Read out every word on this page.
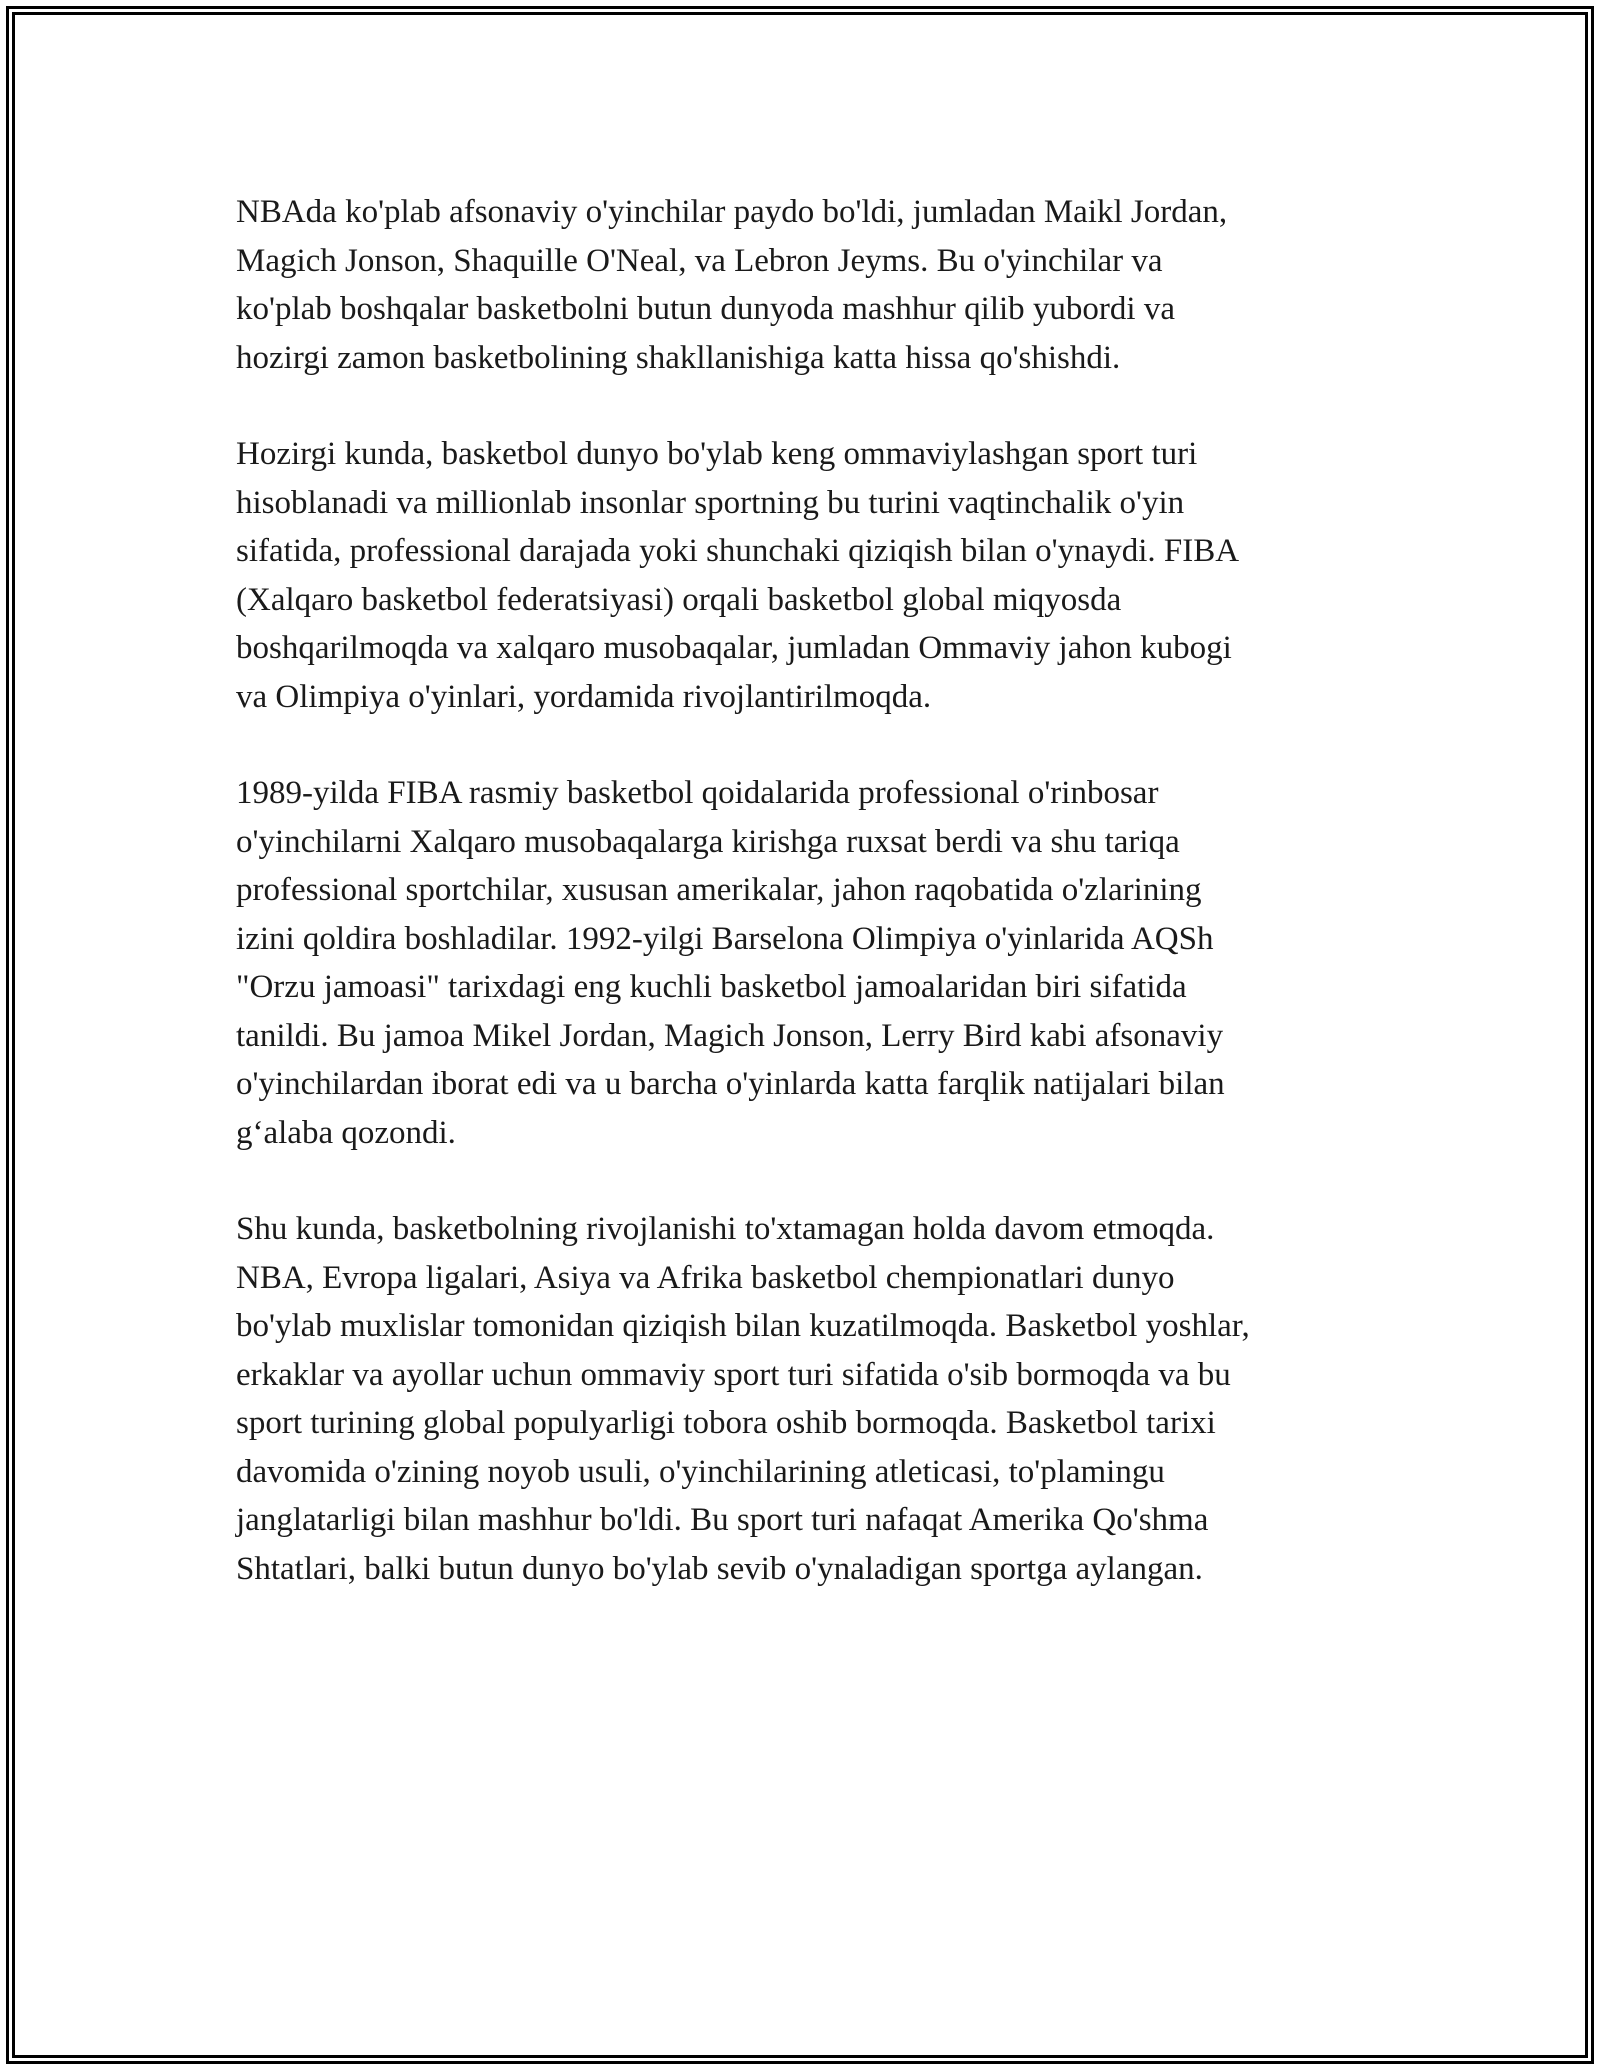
NBAda ko'plab afsonaviy o'yinchilar paydo bo'ldi, jumladan Maikl Jordan,
Magich Jonson, Shaquille O'Neal, va Lebron Jeyms. Bu o'yinchilar va
ko'plab boshqalar basketbolni butun dunyoda mashhur qilib yubordi va
hozirgi zamon basketbolining shakllanishiga katta hissa qo'shishdi.

Hozirgi kunda, basketbol dunyo bo'ylab keng ommaviylashgan sport turi
hisoblanadi va millionlab insonlar sportning bu turini vaqtinchalik o'yin
sifatida, professional darajada yoki shunchaki qiziqish bilan o'ynaydi. FIBA
(Xalqaro basketbol federatsiyasi) orqali basketbol global miqyosda
boshqarilmoqda va xalqaro musobaqalar, jumladan Ommaviy jahon kubogi
va Olimpiya o'yinlari, yordamida rivojlantirilmoqda.

1989-yilda FIBA rasmiy basketbol qoidalarida professional o'rinbosar
o'yinchilarni Xalqaro musobaqalarga kirishga ruxsat berdi va shu tariqa
professional sportchilar, xususan amerikalar, jahon raqobatida o'zlarining
izini qoldira boshladilar. 1992-yilgi Barselona Olimpiya o'yinlarida AQSh
"Orzu jamoasi" tarixdagi eng kuchli basketbol jamoalaridan biri sifatida
tanildi. Bu jamoa Mikel Jordan, Magich Jonson, Lerry Bird kabi afsonaviy
o'yinchilardan iborat edi va u barcha o'yinlarda katta farqlik natijalari bilan
g‘alaba qozondi.

Shu kunda, basketbolning rivojlanishi to'xtamagan holda davom etmoqda.
NBA, Evropa ligalari, Asiya va Afrika basketbol chempionatlari dunyo
bo'ylab muxlislar tomonidan qiziqish bilan kuzatilmoqda. Basketbol yoshlar,
erkaklar va ayollar uchun ommaviy sport turi sifatida o'sib bormoqda va bu
sport turining global populyarligi tobora oshib bormoqda. Basketbol tarixi
davomida o'zining noyob usuli, o'yinchilarining atleticasi, to'plamingu
janglatarligi bilan mashhur bo'ldi. Bu sport turi nafaqat Amerika Qo'shma
Shtatlari, balki butun dunyo bo'ylab sevib o'ynaladigan sportga aylangan.
